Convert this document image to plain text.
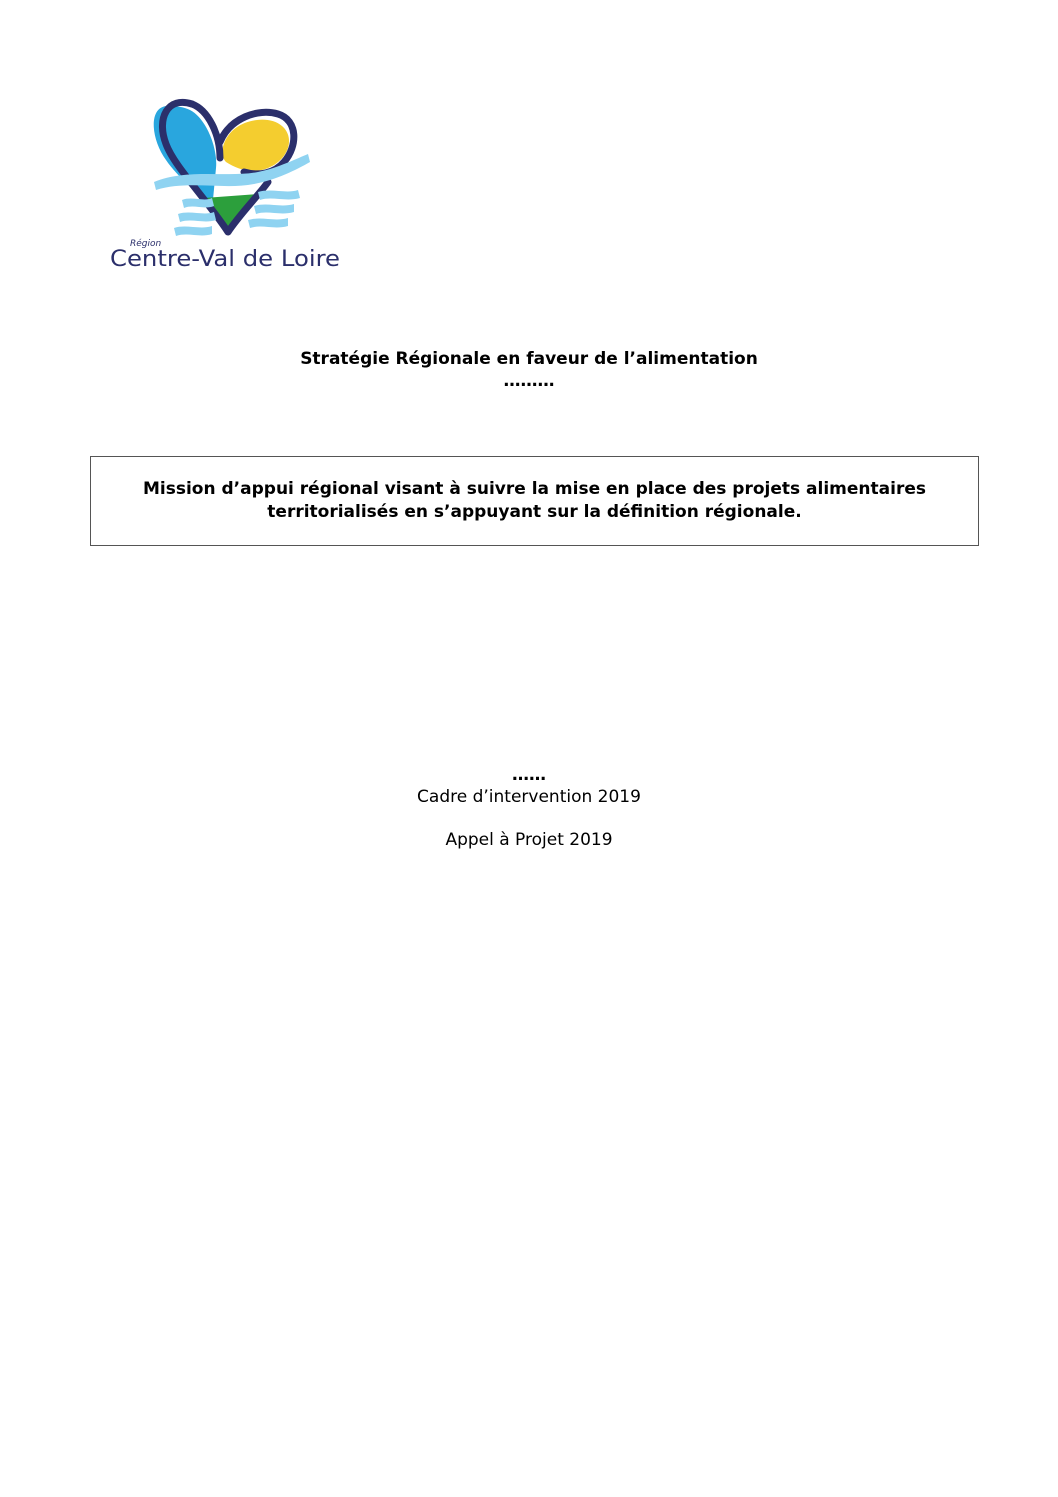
Région
Centre-Val de Loire
Stratégie Régionale en faveur de l’alimentation
………

Mission d’appui régional visant à suivre la mise en place des projets alimentaires
territorialisés en s’appuyant sur la définition régionale.

……
Cadre d’intervention 2019
Appel à Projet 2019
